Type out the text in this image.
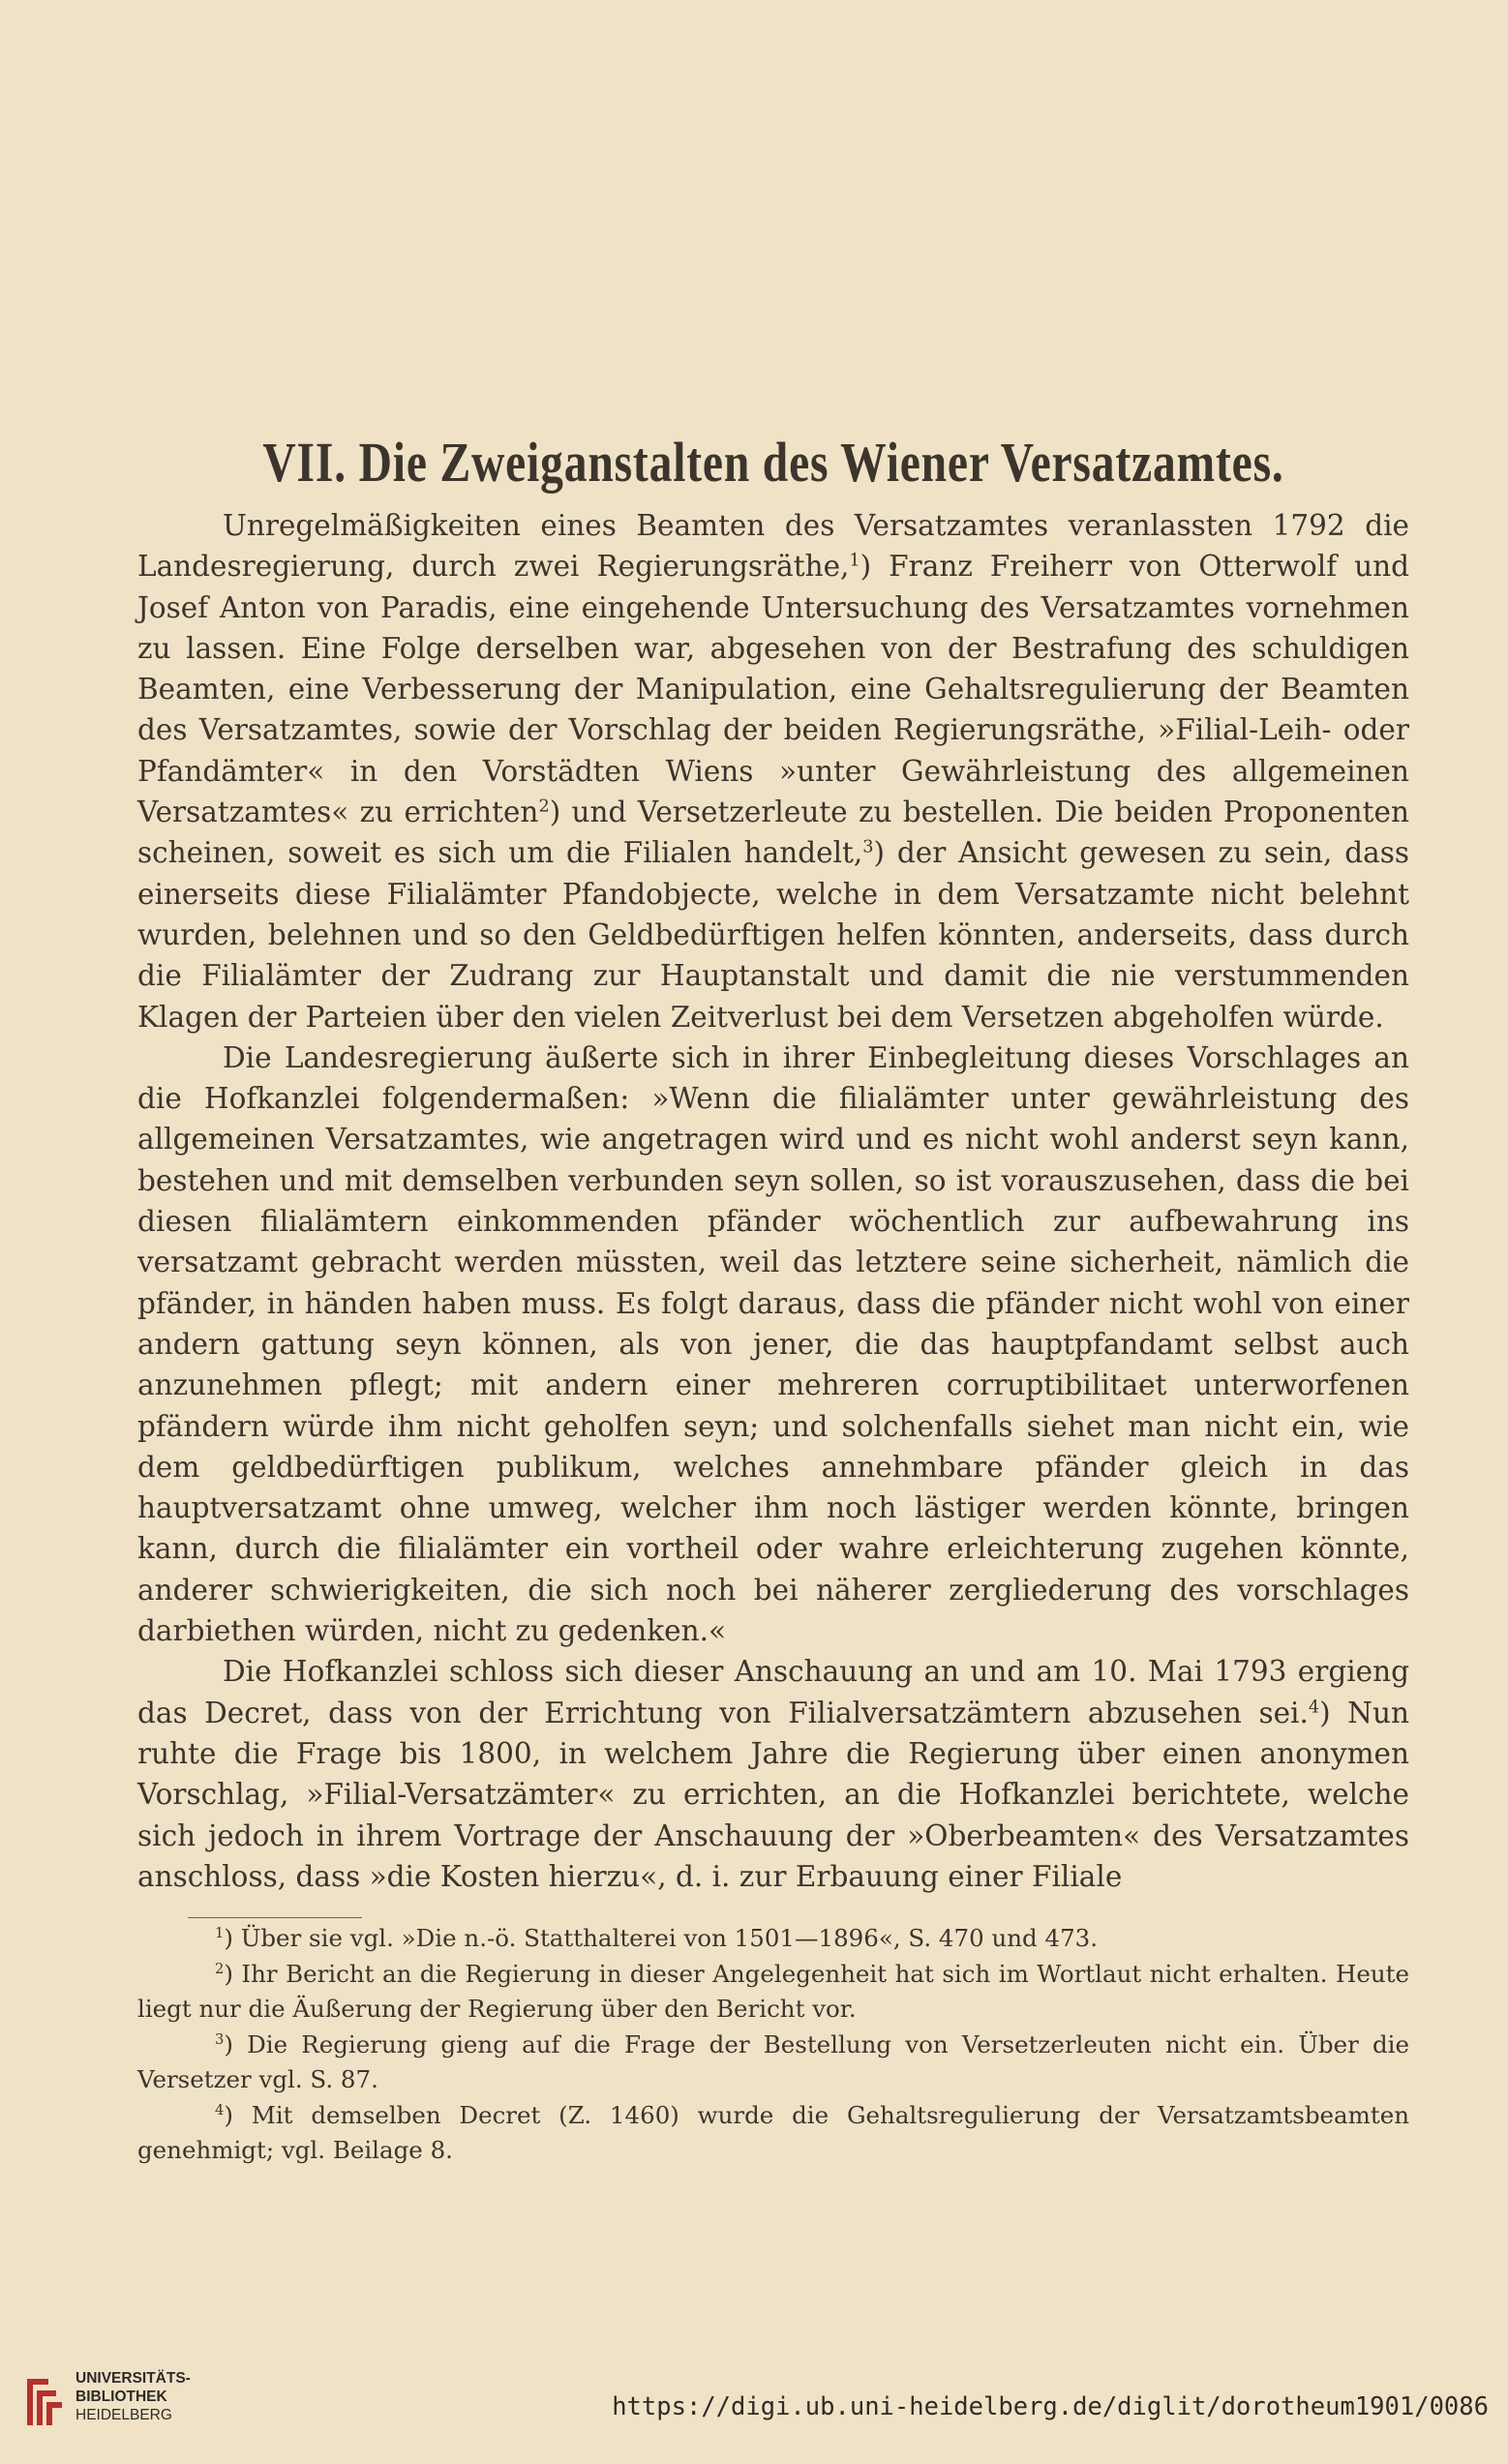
VII. Die Zweiganstalten des Wiener Versatzamtes.

Unregelmäßigkeiten eines Beamten des Versatzamtes veranlassten 1792 die Landesregierung, durch zwei Regierungsräthe,$^1$) Franz Freiherr von Otterwolf und Josef Anton von Paradis, eine eingehende Untersuchung des Versatzamtes vornehmen zu lassen. Eine Folge derselben war, abgesehen von der Bestrafung des schuldigen Beamten, eine Verbesserung der Manipulation, eine Gehaltsregulierung der Beamten des Versatzamtes, sowie der Vorschlag der beiden Regierungsräthe, »Filial-Leih- oder Pfandämter« in den Vorstädten Wiens »unter Gewährleistung des allgemeinen Versatzamtes« zu errichten$^2$) und Versetzerleute zu bestellen. Die beiden Proponenten scheinen, soweit es sich um die Filialen handelt,$^3$) der Ansicht gewesen zu sein, dass einerseits diese Filialämter Pfandobjecte, welche in dem Versatzamte nicht belehnt wurden, belehnen und so den Geldbedürftigen helfen könnten, anderseits, dass durch die Filialämter der Zudrang zur Hauptanstalt und damit die nie verstummenden Klagen der Parteien über den vielen Zeitverlust bei dem Versetzen abgeholfen würde.

Die Landesregierung äußerte sich in ihrer Einbegleitung dieses Vorschlages an die Hofkanzlei folgendermaßen: »Wenn die filialämter unter gewährleistung des allgemeinen Versatzamtes, wie angetragen wird und es nicht wohl anderst seyn kann, bestehen und mit demselben verbunden seyn sollen, so ist vorauszusehen, dass die bei diesen filialämtern einkommenden pfänder wöchentlich zur aufbewahrung ins versatzamt gebracht werden müssten, weil das letztere seine sicherheit, nämlich die pfänder, in händen haben muss. Es folgt daraus, dass die pfänder nicht wohl von einer andern gattung seyn können, als von jener, die das hauptpfandamt selbst auch anzunehmen pflegt; mit andern einer mehreren corruptibilitaet unterworfenen pfändern würde ihm nicht geholfen seyn; und solchenfalls siehet man nicht ein, wie dem geldbedürftigen publikum, welches annehmbare pfänder gleich in das hauptversatzamt ohne umweg, welcher ihm noch lästiger werden könnte, bringen kann, durch die filialämter ein vortheil oder wahre erleichterung zugehen könnte, anderer schwierigkeiten, die sich noch bei näherer zergliederung des vorschlages darbiethen würden, nicht zu gedenken.«

Die Hofkanzlei schloss sich dieser Anschauung an und am 10. Mai 1793 ergieng das Decret, dass von der Errichtung von Filialversatzämtern abzusehen sei.$^4$) Nun ruhte die Frage bis 1800, in welchem Jahre die Regierung über einen anonymen Vorschlag, »Filial-Versatzämter« zu errichten, an die Hofkanzlei berichtete, welche sich jedoch in ihrem Vortrage der Anschauung der »Oberbeamten« des Versatzamtes anschloss, dass »die Kosten hierzu«, d. i. zur Erbauung einer Filiale

$^1$) Über sie vgl. »Die n.-ö. Statthalterei von 1501—1896«, S. 470 und 473.

$^2$) Ihr Bericht an die Regierung in dieser Angelegenheit hat sich im Wortlaut nicht erhalten. Heute liegt nur die Äußerung der Regierung über den Bericht vor.

$^3$) Die Regierung gieng auf die Frage der Bestellung von Versetzerleuten nicht ein. Über die Versetzer vgl. S. 87.

$^4$) Mit demselben Decret (Z. 1460) wurde die Gehaltsregulierung der Versatzamtsbeamten genehmigt; vgl. Beilage 8.

UNIVERSITÄTS-
BIBLIOTHEK
HEIDELBERG	https://digi.ub.uni-heidelberg.de/diglit/dorotheum1901/0086
